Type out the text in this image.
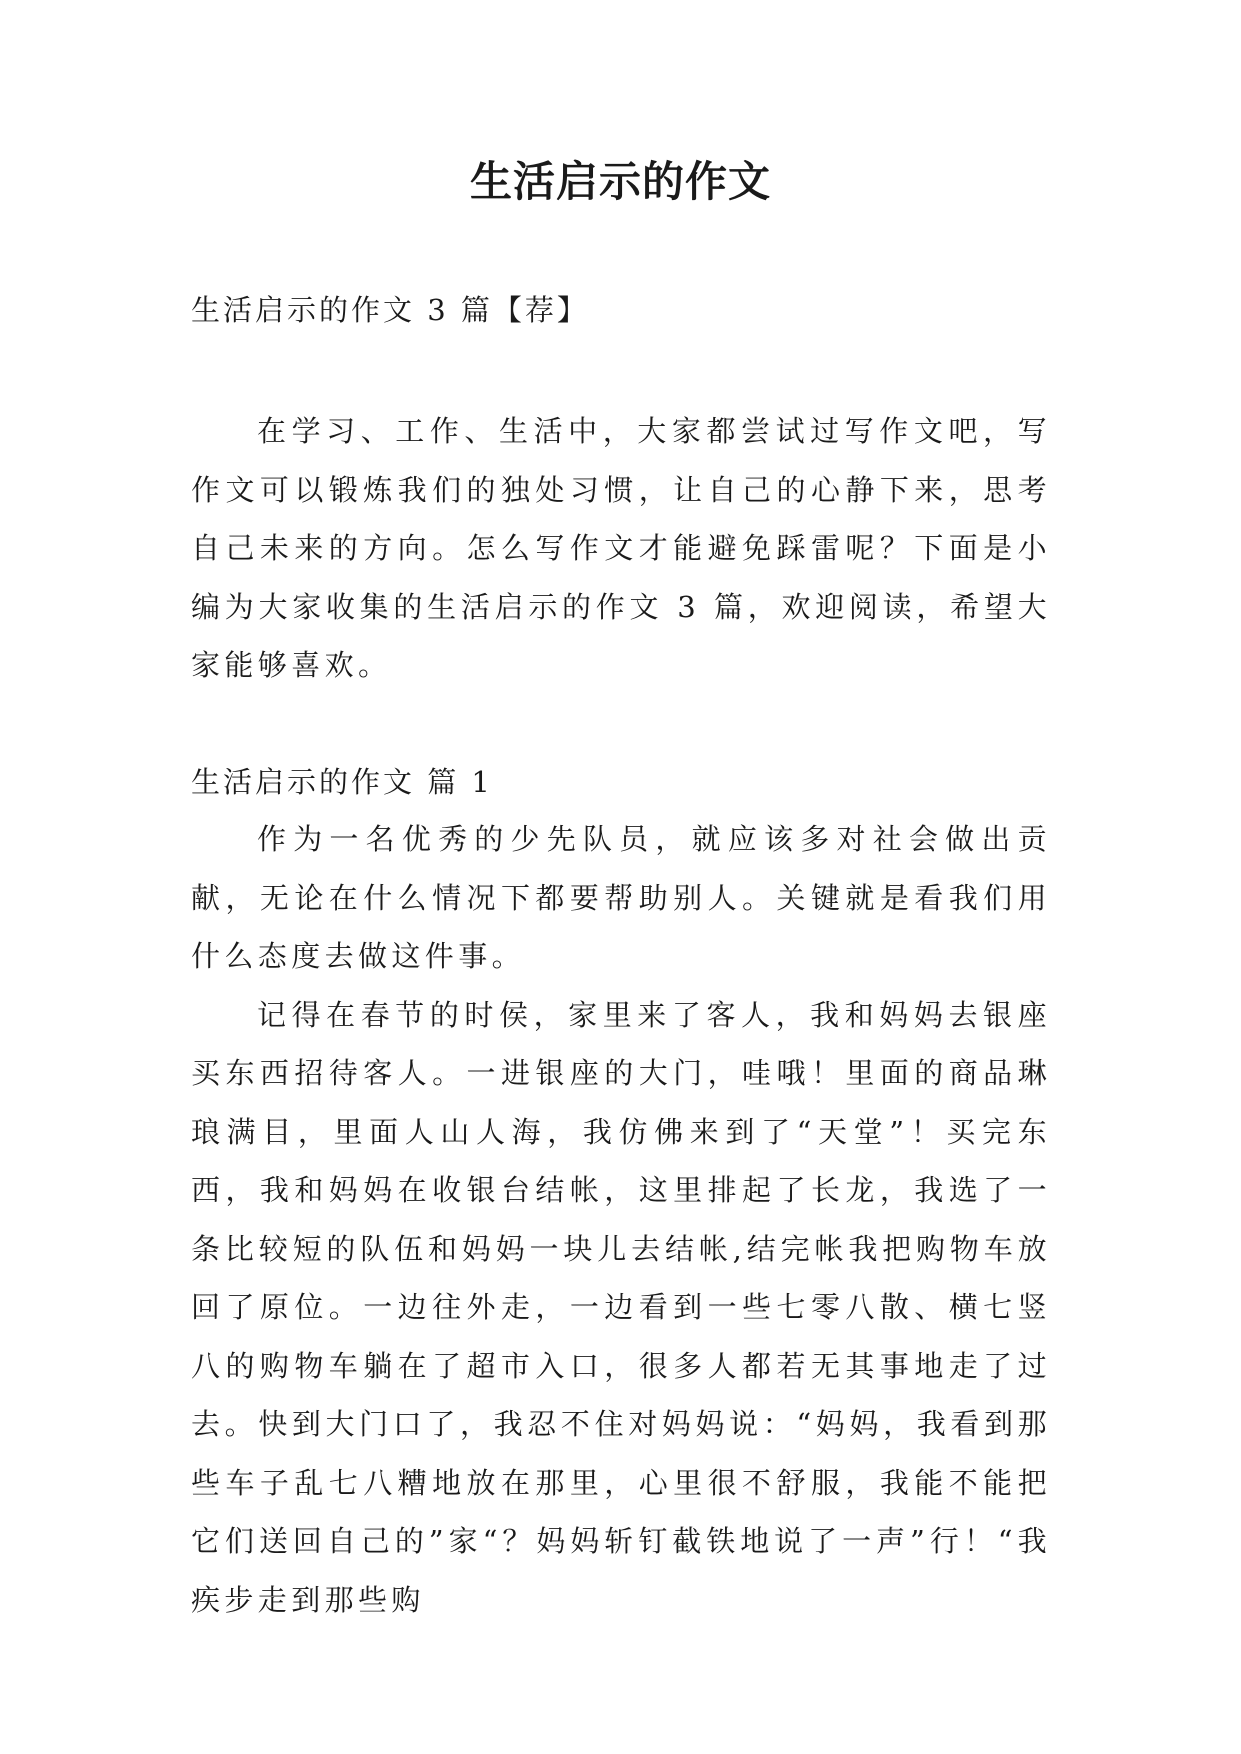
生活启示的作文
生活启示的作文 3 篇【荐】

在学习、工作、生活中，大家都尝试过写作文吧，写作文可以锻炼我们的独处习惯，让自己的心静下来，思考自己未来的方向。怎么写作文才能避免踩雷呢？下面是小编为大家收集的生活启示的作文 3 篇，欢迎阅读，希望大家能够喜欢。

生活启示的作文 篇 1

作为一名优秀的少先队员，就应该多对社会做出贡献，无论在什么情况下都要帮助别人。关键就是看我们用什么态度去做这件事。

记得在春节的时侯，家里来了客人，我和妈妈去银座买东西招待客人。一进银座的大门，哇哦！里面的商品琳琅满目，里面人山人海，我仿佛来到了“天堂”！买完东西，我和妈妈在收银台结帐，这里排起了长龙，我选了一条比较短的队伍和妈妈一块儿去结帐,结完帐我把购物车放回了原位。一边往外走，一边看到一些七零八散、横七竖八的购物车躺在了超市入口，很多人都若无其事地走了过去。快到大门口了，我忍不住对妈妈说：“妈妈，我看到那些车子乱七八糟地放在那里，心里很不舒服，我能不能把它们送回自己的”家“？妈妈斩钉截铁地说了一声”行！“我疾步走到那些购
